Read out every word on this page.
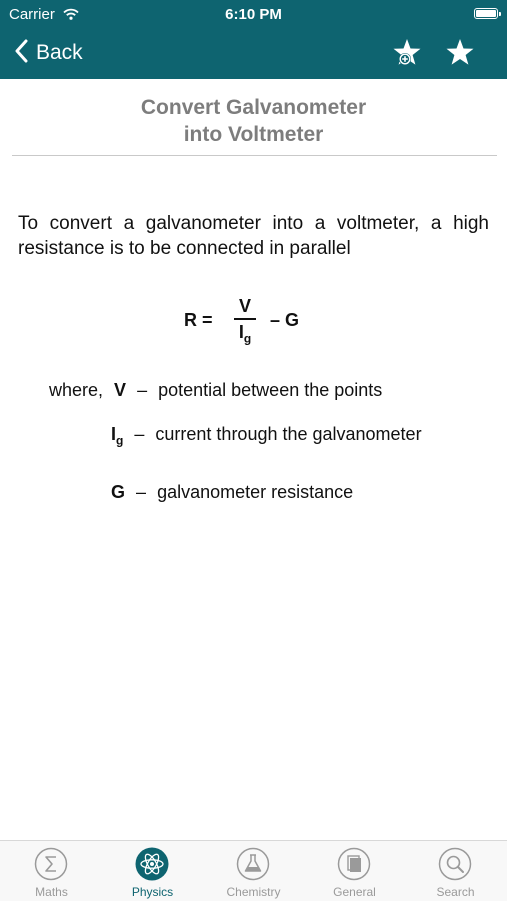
Carrier	6:10 PM
Back
Convert Galvanometer
into Voltmeter
To convert a galvanometer into a voltmeter, a high resistance is to be connected in parallel
R =
V
$I_g$
– G
where, V – potential between the points
$I_g$ – current through the galvanometer
G – galvanometer resistance
Maths	Physics	Chemistry	General	Search
